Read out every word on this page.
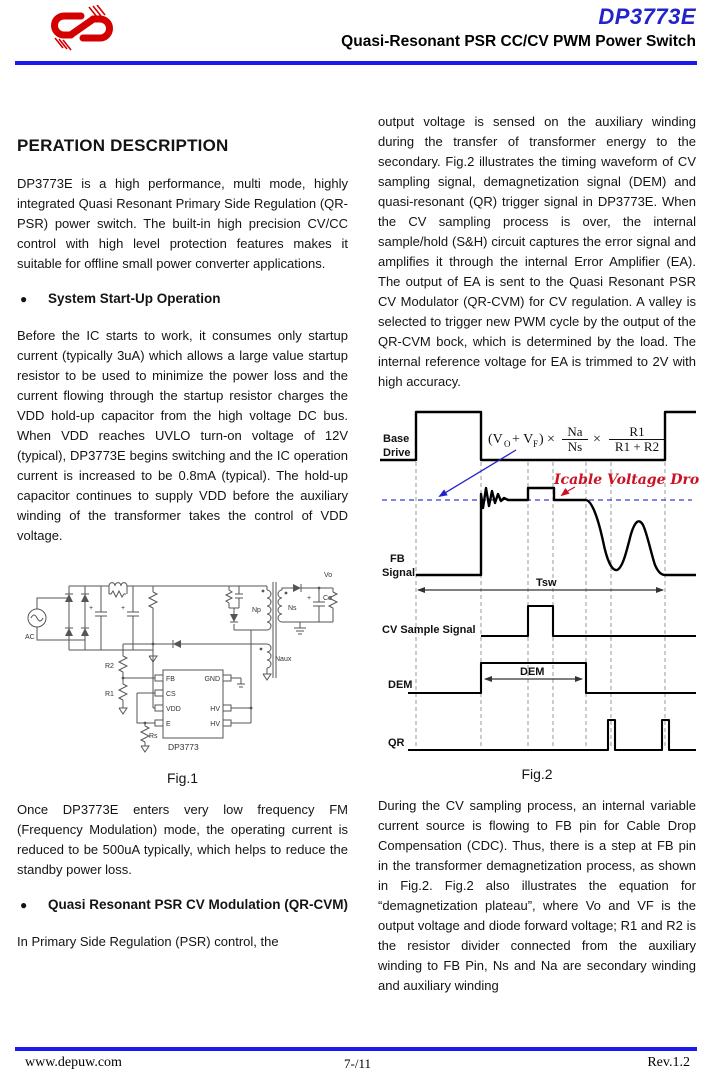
DP3773E
Quasi-Resonant PSR CC/CV PWM Power Switch
PERATION DESCRIPTION

DP3773E is a high performance, multi mode, highly integrated Quasi Resonant Primary Side Regulation (QR-PSR) power switch. The built-in high precision CV/CC control with high level protection features makes it suitable for offline small power converter applications.

● System Start-Up Operation

Before the IC starts to work, it consumes only startup current (typically 3uA) which allows a large value startup resistor to be used to minimize the power loss and the current flowing through the startup resistor charges the VDD hold-up capacitor from the high voltage DC bus. When VDD reaches UVLO turn-on voltage of 12V (typical), DP3773E begins switching and the IC operation current is increased to be 0.8mA (typical). The hold-up capacitor continues to supply VDD before the auxiliary winding of the transformer takes the control of VDD voltage.

AC
+	+
R2
R1
Rs
FB
CS
VDD
E
GND
HV
HV
DP3773
Np	Ns
Naux
Vo
Co
+
Fig.1

Once DP3773E enters very low frequency FM (Frequency Modulation) mode, the operating current is reduced to be 500uA typically, which helps to reduce the standby power loss.

● Quasi Resonant PSR CV Modulation (QR-CVM)

In Primary Side Regulation (PSR) control, the

output voltage is sensed on the auxiliary winding during the transfer of transformer energy to the secondary. Fig.2 illustrates the timing waveform of CV sampling signal, demagnetization signal (DEM) and quasi-resonant (QR) trigger signal in DP3773E. When the CV sampling process is over, the internal sample/hold (S&H) circuit captures the error signal and amplifies it through the internal Error Amplifier (EA). The output of EA is sent to the Quasi Resonant PSR CV Modulator (QR-CVM) for CV regulation. A valley is selected to trigger new PWM cycle by the output of the QR-CVM bock, which is determined by the load. The internal reference voltage for EA is trimmed to 2V with high accuracy.

Base
Drive
(V O + V F ) ×
Na
Ns ×
R1
R1 + R2
Icable Voltage Drop
FB
Signal
Tsw
CV Sample Signal
DEM
DEM
QR
Fig.2

During the CV sampling process, an internal variable current source is flowing to FB pin for Cable Drop Compensation (CDC). Thus, there is a step at FB pin in the transformer demagnetization process, as shown in Fig.2. Fig.2 also illustrates the equation for “demagnetization plateau”, where Vo and VF is the output voltage and diode forward voltage; R1 and R2 is the resistor divider connected from the auxiliary winding to FB Pin, Ns and Na are secondary winding and auxiliary winding

www.depuw.com	7-/11	Rev.1.2
